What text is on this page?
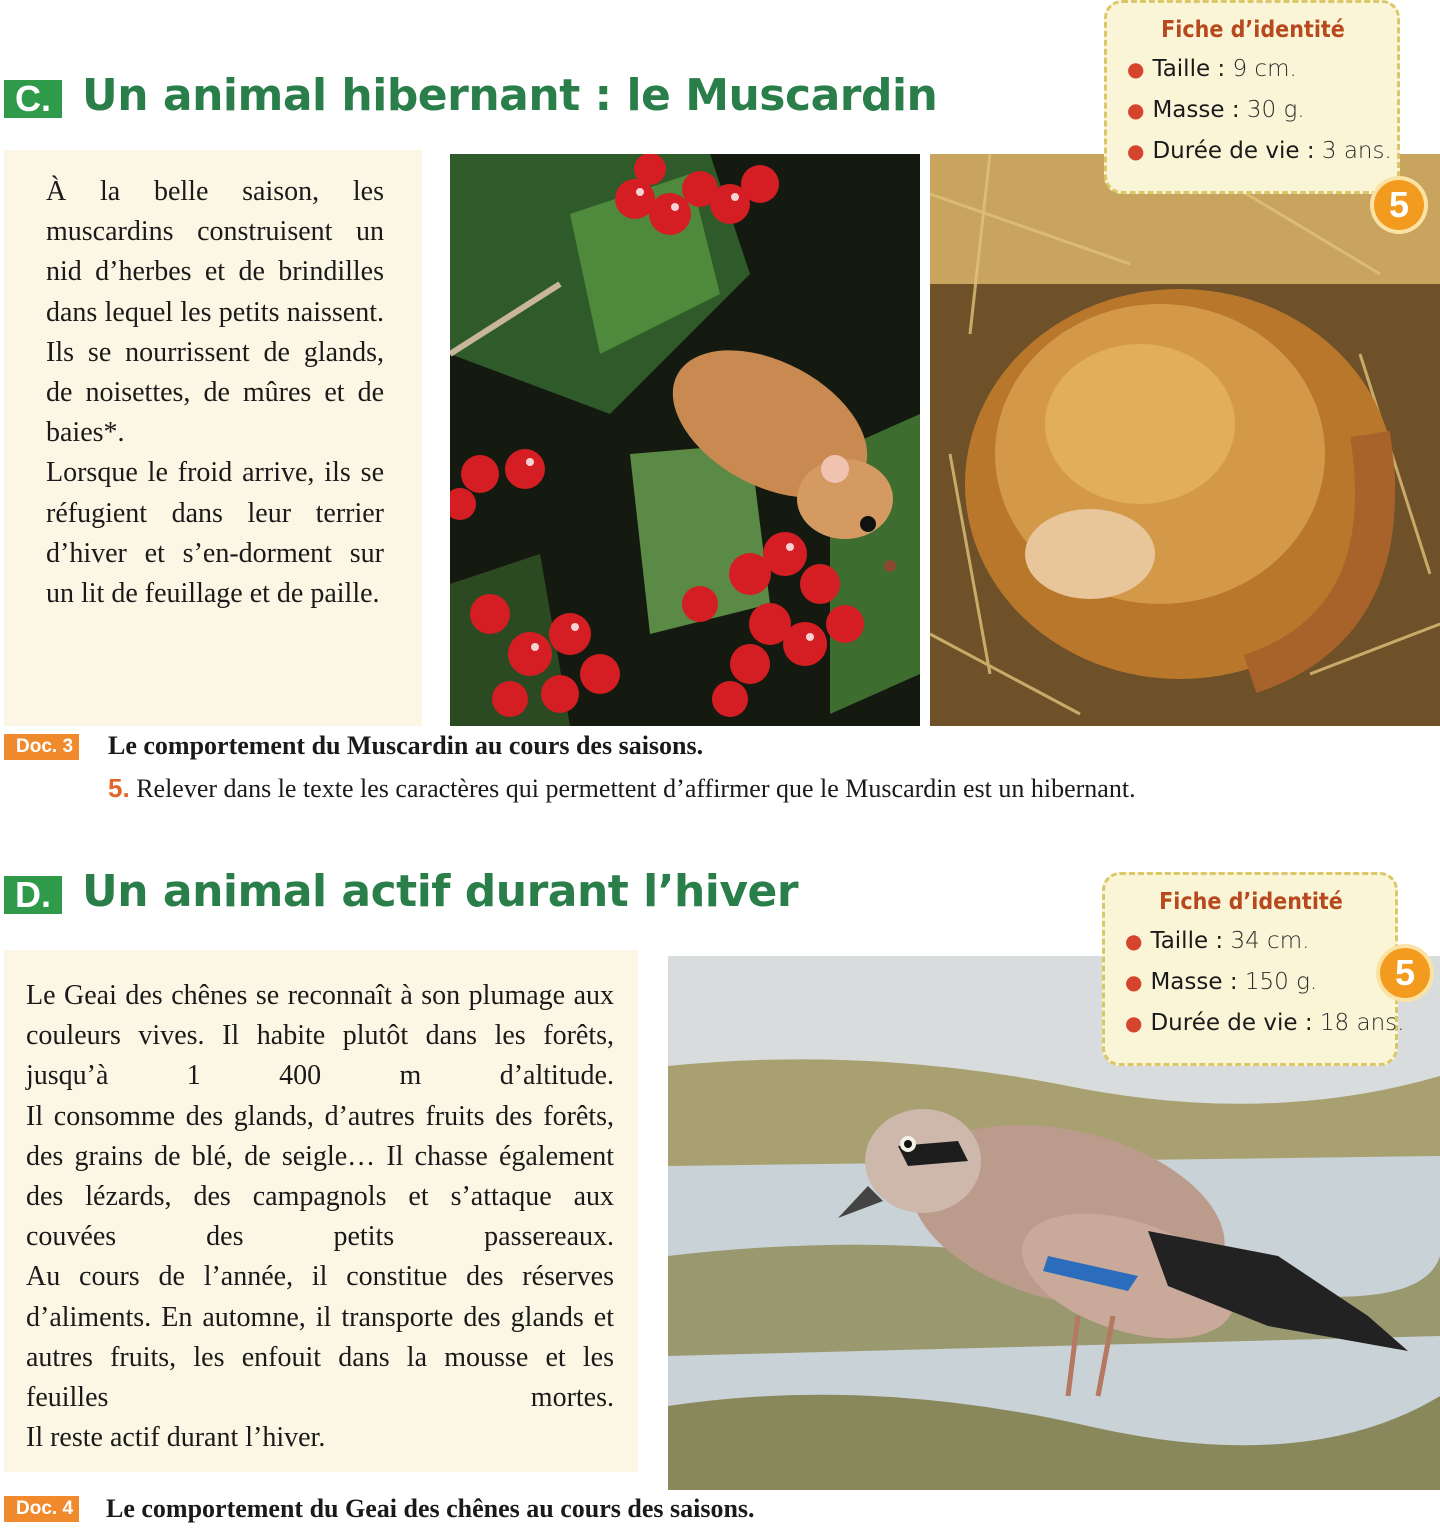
C. Un animal hibernant : le Muscardin

À la belle saison, les muscardins construisent un nid d’herbes et de brindilles dans lequel les petits naissent.

Ils se nourrissent de glands, de noisettes, de mûres et de baies*.

Lorsque le froid arrive, ils se réfugient dans leur terrier d’hiver et s’en-dorment sur un lit de feuillage et de paille.

Fiche d’identité
● Taille : 9 cm.
● Masse : 30 g.
● Durée de vie : 3 ans.
5
Doc. 3 Le comportement du Muscardin au cours des saisons.
5. Relever dans le texte les caractères qui permettent d’affirmer que le Muscardin est un hibernant.
D. Un animal actif durant l’hiver

Le Geai des chênes se reconnaît à son plumage aux couleurs vives. Il habite plutôt dans les forêts, jusqu’à 1 400 m d’altitude.

Il consomme des glands, d’autres fruits des forêts, des grains de blé, de seigle… Il chasse également des lézards, des campagnols et s’attaque aux couvées des petits passereaux.

Au cours de l’année, il constitue des réserves d’aliments. En automne, il transporte des glands et autres fruits, les enfouit dans la mousse et les feuilles mortes.

Il reste actif durant l’hiver.

Fiche d’identité
● Taille : 34 cm.
● Masse : 150 g.
● Durée de vie : 18 ans.
5
Doc. 4 Le comportement du Geai des chênes au cours des saisons.
